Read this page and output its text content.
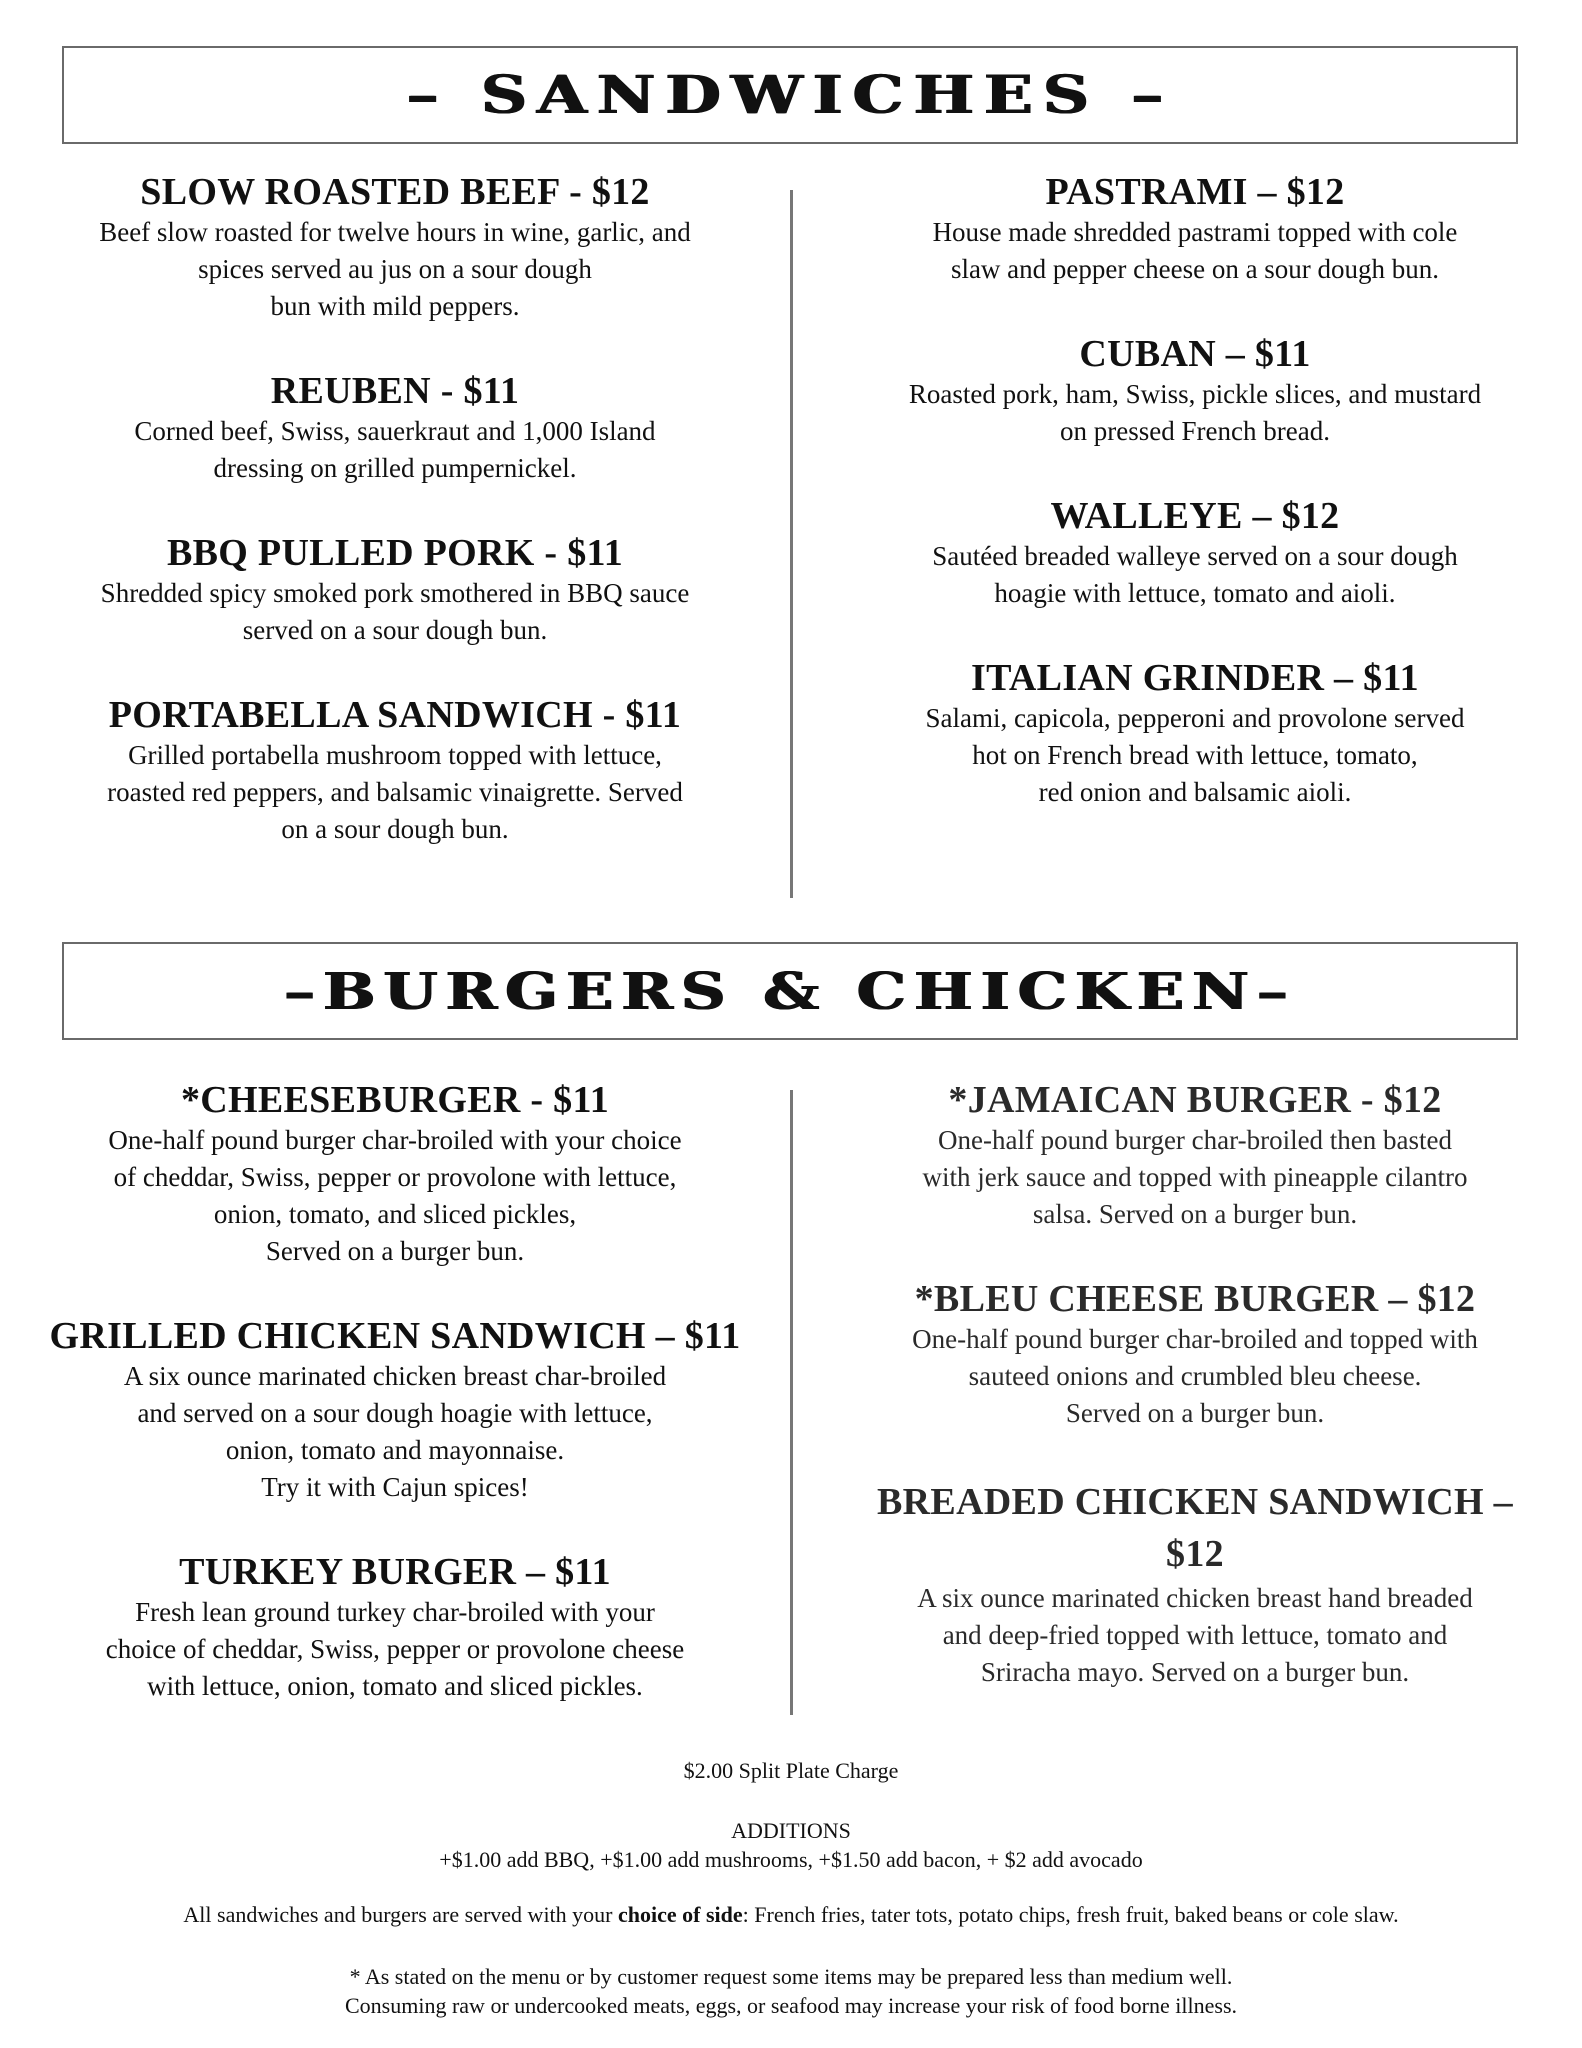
– SANDWICHES –

SLOW ROASTED BEEF - $12

Beef slow roasted for twelve hours in wine, garlic, and
spices served au jus on a sour dough
bun with mild peppers.

REUBEN - $11

Corned beef, Swiss, sauerkraut and 1,000 Island
dressing on grilled pumpernickel.

BBQ PULLED PORK - $11

Shredded spicy smoked pork smothered in BBQ sauce
served on a sour dough bun.

PORTABELLA SANDWICH - $11

Grilled portabella mushroom topped with lettuce,
roasted red peppers, and balsamic vinaigrette. Served
on a sour dough bun.

PASTRAMI – $12

House made shredded pastrami topped with cole
slaw and pepper cheese on a sour dough bun.

CUBAN – $11

Roasted pork, ham, Swiss, pickle slices, and mustard
on pressed French bread.

WALLEYE – $12

Sautéed breaded walleye served on a sour dough
hoagie with lettuce, tomato and aioli.

ITALIAN GRINDER – $11

Salami, capicola, pepperoni and provolone served
hot on French bread with lettuce, tomato,
red onion and balsamic aioli.

–BURGERS & CHICKEN–

*CHEESEBURGER - $11

One-half pound burger char-broiled with your choice
of cheddar, Swiss, pepper or provolone with lettuce,
onion, tomato, and sliced pickles,
Served on a burger bun.

GRILLED CHICKEN SANDWICH – $11

A six ounce marinated chicken breast char-broiled
and served on a sour dough hoagie with lettuce,
onion, tomato and mayonnaise.
Try it with Cajun spices!

TURKEY BURGER – $11

Fresh lean ground turkey char-broiled with your
choice of cheddar, Swiss, pepper or provolone cheese
with lettuce, onion, tomato and sliced pickles.

*JAMAICAN BURGER - $12

One-half pound burger char-broiled then basted
with jerk sauce and topped with pineapple cilantro
salsa. Served on a burger bun.

*BLEU CHEESE BURGER – $12

One-half pound burger char-broiled and topped with
sauteed onions and crumbled bleu cheese.
Served on a burger bun.

BREADED CHICKEN SANDWICH –
$12

A six ounce marinated chicken breast hand breaded
and deep-fried topped with lettuce, tomato and
Sriracha mayo. Served on a burger bun.

$2.00 Split Plate Charge
ADDITIONS
+$1.00 add BBQ, +$1.00 add mushrooms, +$1.50 add bacon, + $2 add avocado
All sandwiches and burgers are served with your choice of side: French fries, tater tots, potato chips, fresh fruit, baked beans or cole slaw.
* As stated on the menu or by customer request some items may be prepared less than medium well.
Consuming raw or undercooked meats, eggs, or seafood may increase your risk of food borne illness.
